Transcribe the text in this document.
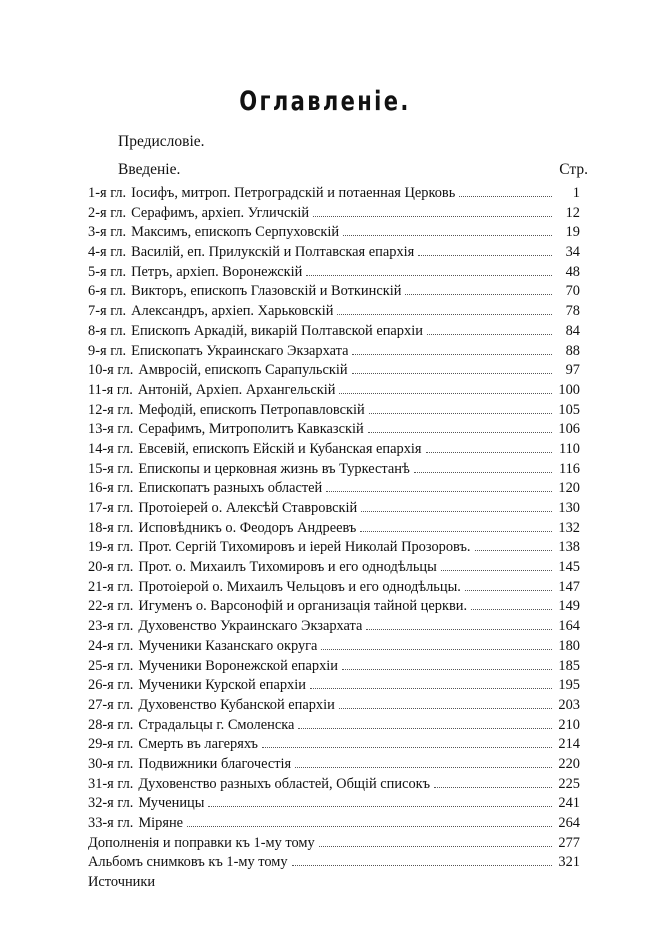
Оглавленіе.
Предисловіе.
Введеніе.	Стр.
1-я гл. Іосифъ, митроп. Петроградскій и потаенная Церковь	1
2-я гл. Серафимъ, архіеп. Угличскій	12
3-я гл. Максимъ, епископъ Серпуховскій	19
4-я гл. Василій, еп. Прилукскій и Полтавская епархія	34
5-я гл. Петръ, архіеп. Воронежскій	48
6-я гл. Викторъ, епископъ Глазовскій и Воткинскій	70
7-я гл. Александръ, архіеп. Харьковскій	78
8-я гл. Епископъ Аркадій, викарій Полтавской епархіи	84
9-я гл. Епископатъ Украинскаго Экзархата	88
10-я гл. Амвросій, епископъ Сарапульскій	97
11-я гл. Антоній, Архіеп. Архангельскій	100
12-я гл. Мефодій, епископъ Петропавловскій	105
13-я гл. Серафимъ, Митрополитъ Кавказскій	106
14-я гл. Евсевій, епископъ Ейскій и Кубанская епархія	110
15-я гл. Епископы и церковная жизнь въ Туркестанѣ	116
16-я гл. Епископатъ разныхъ областей	120
17-я гл. Протоіерей о. Алексѣй Ставровскій	130
18-я гл. Исповѣдникъ о. Феодоръ Андреевъ	132
19-я гл. Прот. Сергій Тихомировъ и іерей Николай Прозоровъ.	138
20-я гл. Прот. о. Михаилъ Тихомировъ и его однодѣльцы	145
21-я гл. Протоіерой о. Михаилъ Чельцовъ и его однодѣльцы.	147
22-я гл. Игуменъ о. Варсонофій и организація тайной церкви.	149
23-я гл. Духовенство Украинскаго Экзархата	164
24-я гл. Мученики Казанскаго округа	180
25-я гл. Мученики Воронежской епархіи	185
26-я гл. Мученики Курской епархіи	195
27-я гл. Духовенство Кубанской епархіи	203
28-я гл. Страдальцы г. Смоленска	210
29-я гл. Смерть въ лагеряхъ	214
30-я гл. Подвижники благочестія	220
31-я гл. Духовенство разныхъ областей, Общій списокъ	225
32-я гл. Мученицы	241
33-я гл. Міряне	264
Дополненія и поправки къ 1-му тому	277
Альбомъ снимковъ къ 1-му тому	321
Источники
